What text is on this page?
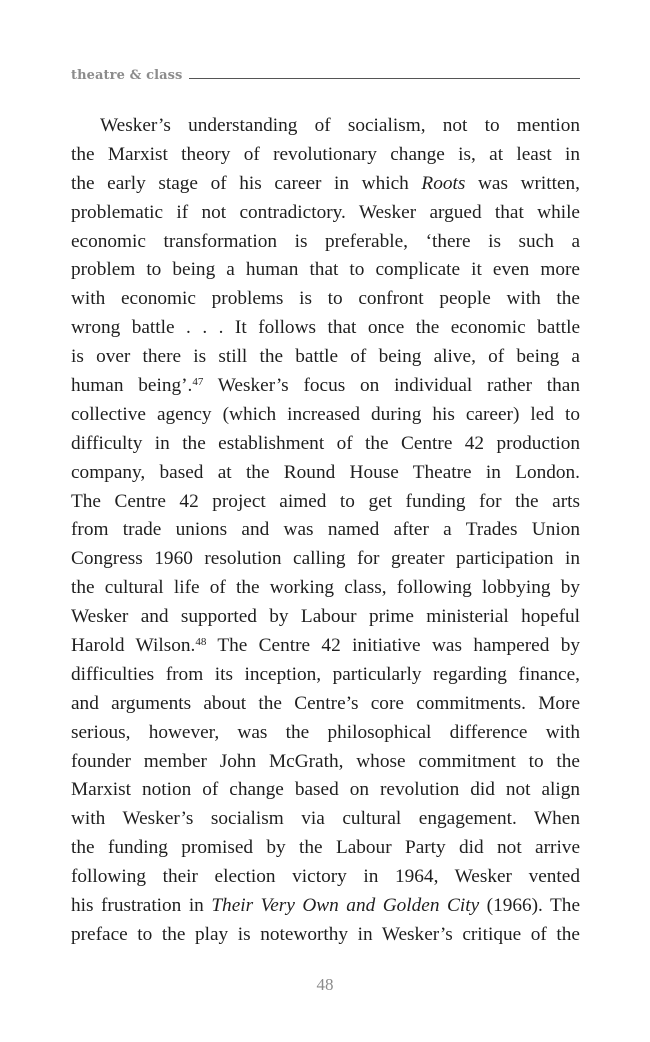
theatre & class
Wesker’s understanding of socialism, not to mention
the Marxist theory of revolutionary change is, at least in
the early stage of his career in which Roots was written,
problematic if not contradictory. Wesker argued that while
economic transformation is preferable, ‘there is such a
problem to being a human that to complicate it even more
with economic problems is to confront people with the
wrong battle . . . It follows that once the economic battle
is over there is still the battle of being alive, of being a
human being’.$^{47}$ Wesker’s focus on individual rather than
collective agency (which increased during his career) led to
difficulty in the establishment of the Centre 42 production
company, based at the Round House Theatre in London.
The Centre 42 project aimed to get funding for the arts
from trade unions and was named after a Trades Union
Congress 1960 resolution calling for greater participation in
the cultural life of the working class, following lobbying by
Wesker and supported by Labour prime ministerial hopeful
Harold Wilson.$^{48}$ The Centre 42 initiative was hampered by
difficulties from its inception, particularly regarding finance,
and arguments about the Centre’s core commitments. More
serious, however, was the philosophical difference with
founder member John McGrath, whose commitment to the
Marxist notion of change based on revolution did not align
with Wesker’s socialism via cultural engagement. When
the funding promised by the Labour Party did not arrive
following their election victory in 1964, Wesker vented
his frustration in Their Very Own and Golden City (1966). The
preface to the play is noteworthy in Wesker’s critique of the
48
